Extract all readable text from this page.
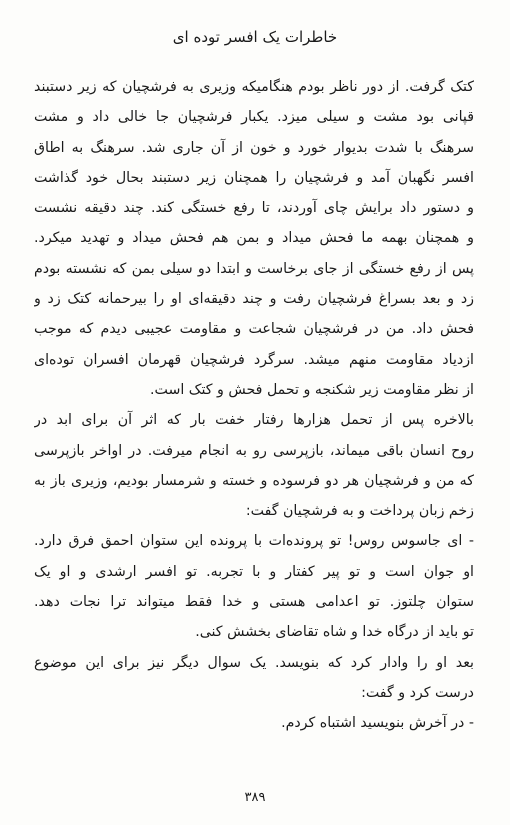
خاطرات یک افسر توده ای
کتک گرفت. از دور ناظر بودم هنگامیکه وزیری به فرشچیان که زیر دستبند
قپانی بود مشت و سیلی میزد. یکبار فرشچیان جا خالی داد و مشت
سرهنگ با شدت بدیوار خورد و خون از آن جاری شد. سرهنگ به اطاق
افسر نگهبان آمد و فرشچیان را همچنان زیر دستبند بحال خود گذاشت
و دستور داد برایش چای آوردند، تا رفع خستگی کند. چند دقیقه نشست
و همچنان بهمه ما فحش میداد و بمن هم فحش میداد و تهدید میکرد.
پس از رفع خستگی از جای برخاست و ابتدا دو سیلی بمن که نشسته بودم
زد و بعد بسراغ فرشچیان رفت و چند دقیقه‌ای او را بیرحمانه کتک زد و
فحش داد. من در فرشچیان شجاعت و مقاومت عجیبی دیدم که موجب
ازدیاد مقاومت منهم میشد. سرگرد فرشچیان قهرمان افسران توده‌ای
از نظر مقاومت زیر شکنجه و تحمل فحش و کتک است.
بالاخره پس از تحمل هزارها رفتار خفت بار که اثر آن برای ابد در
روح انسان باقی میماند، بازپرسی رو به انجام میرفت. در اواخر بازپرسی
که من و فرشچیان هر دو فرسوده و خسته و شرمسار بودیم، وزیری باز به
زخم زبان پرداخت و به فرشچیان گفت:
- ای جاسوس روس! تو پرونده‌ات با پرونده این ستوان احمق فرق دارد.
او جوان است و تو پیر کفتار و با تجربه. تو افسر ارشدی و او یک
ستوان چلتوز. تو اعدامی هستی و خدا فقط میتواند ترا نجات دهد.
تو باید از درگاه خدا و شاه تقاضای بخشش کنی.
بعد او را وادار کرد که بنویسد. یک سوال دیگر نیز برای این موضوع
درست کرد و گفت:
- در آخرش بنویسید اشتباه کردم.
۳۸۹
